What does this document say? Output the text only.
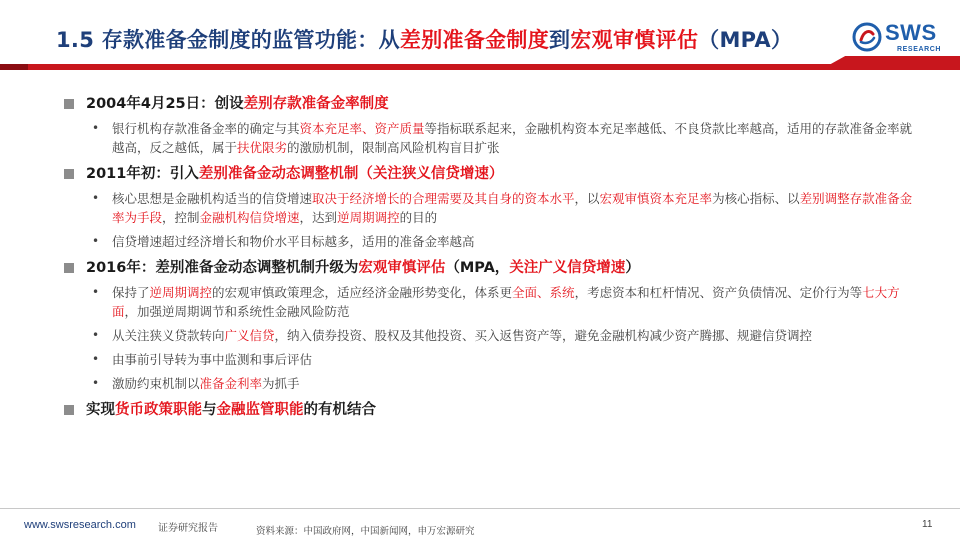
1.5 存款准备金制度的监管功能：从差别准备金制度到宏观审慎评估（MPA）	SWS
RESEARCH
2004年4月25日：创设差别存款准备金率制度
•	银行机构存款准备金率的确定与其资本充足率、资产质量等指标联系起来，金融机构资本充足率越低、不良贷款比率越高，适用的存款准备金率就越高，反之越低，属于扶优限劣的激励机制，限制高风险机构盲目扩张
2011年初：引入差别准备金动态调整机制（关注狭义信贷增速）
•	核心思想是金融机构适当的信贷增速取决于经济增长的合理需要及其自身的资本水平，以宏观审慎资本充足率为核心指标、以差别调整存款准备金率为手段，控制金融机构信贷增速，达到逆周期调控的目的
•	信贷增速超过经济增长和物价水平目标越多，适用的准备金率越高
2016年：差别准备金动态调整机制升级为宏观审慎评估（MPA，关注广义信贷增速）
•	保持了逆周期调控的宏观审慎政策理念，适应经济金融形势变化，体系更全面、系统，考虑资本和杠杆情况、资产负债情况、定价行为等七大方面，加强逆周期调节和系统性金融风险防范
•	从关注狭义贷款转向广义信贷，纳入债券投资、股权及其他投资、买入返售资产等，避免金融机构减少资产腾挪、规避信贷调控
•	由事前引导转为事中监测和事后评估
•	激励约束机制以准备金利率为抓手
实现货币政策职能与金融监管职能的有机结合
www.swsresearch.com 证券研究报告	资料来源：中国政府网，中国新闻网，申万宏源研究
11
